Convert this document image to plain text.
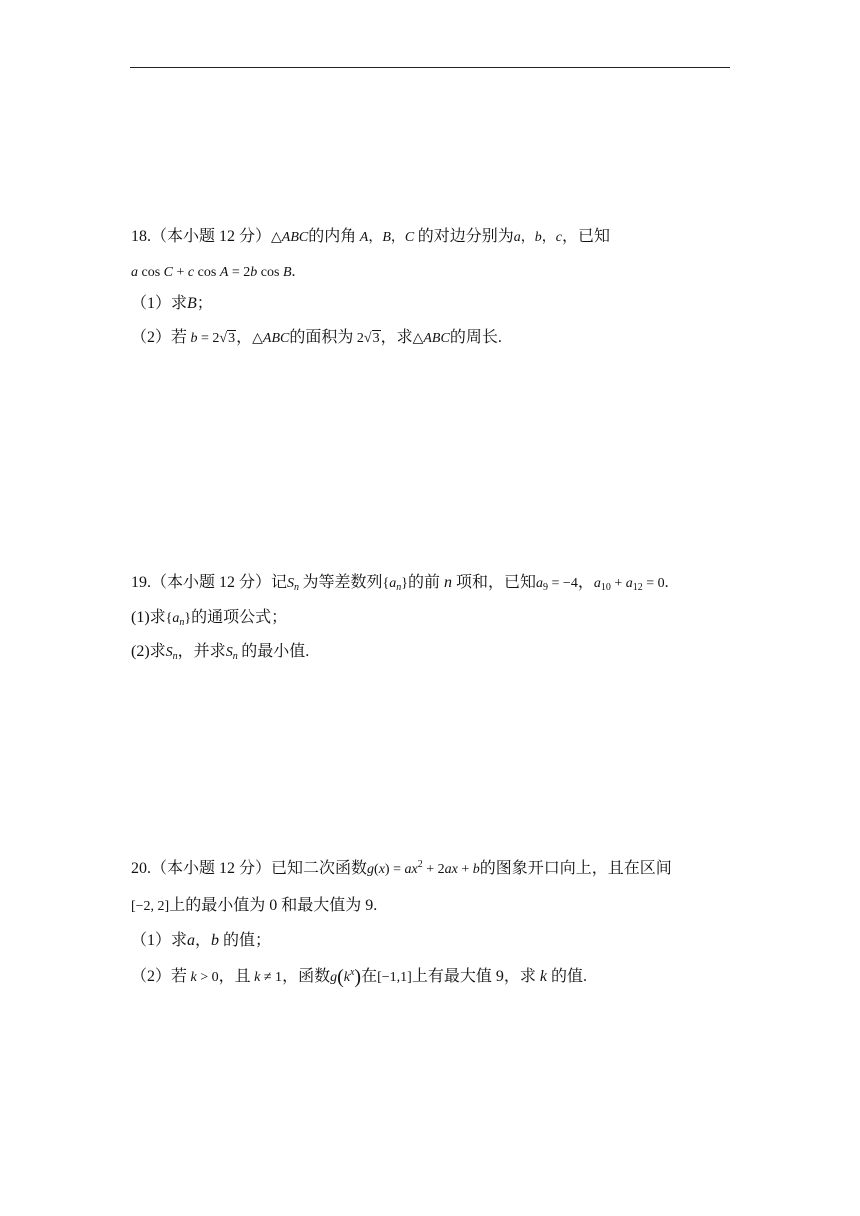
18.（本小题 12 分）△ABC的内角 A，B，C 的对边分别为a，b，c，已知
a cos C + c cos A = 2b cos B.
（1）求B；
（2）若 b = 2√3，△ABC的面积为 2√3，求△ABC的周长.
19.（本小题 12 分）记$S_n$ 为等差数列$\{a_n\}$的前 n 项和，已知$a_9 = -4$，$a_{10} + a_{12} = 0$.
(1)求$\{a_n\}$的通项公式；
(2)求$S_n$，并求$S_n$ 的最小值.
20.（本小题 12 分）已知二次函数$g(x) = ax^2 + 2ax + b$的图象开口向上，且在区间
[−2, 2]上的最小值为 0 和最大值为 9.
（1）求a，b 的值；
（2）若 k > 0，且 k ≠ 1，函数$g(k^x)$在[−1,1]上有最大值 9，求 k 的值.
